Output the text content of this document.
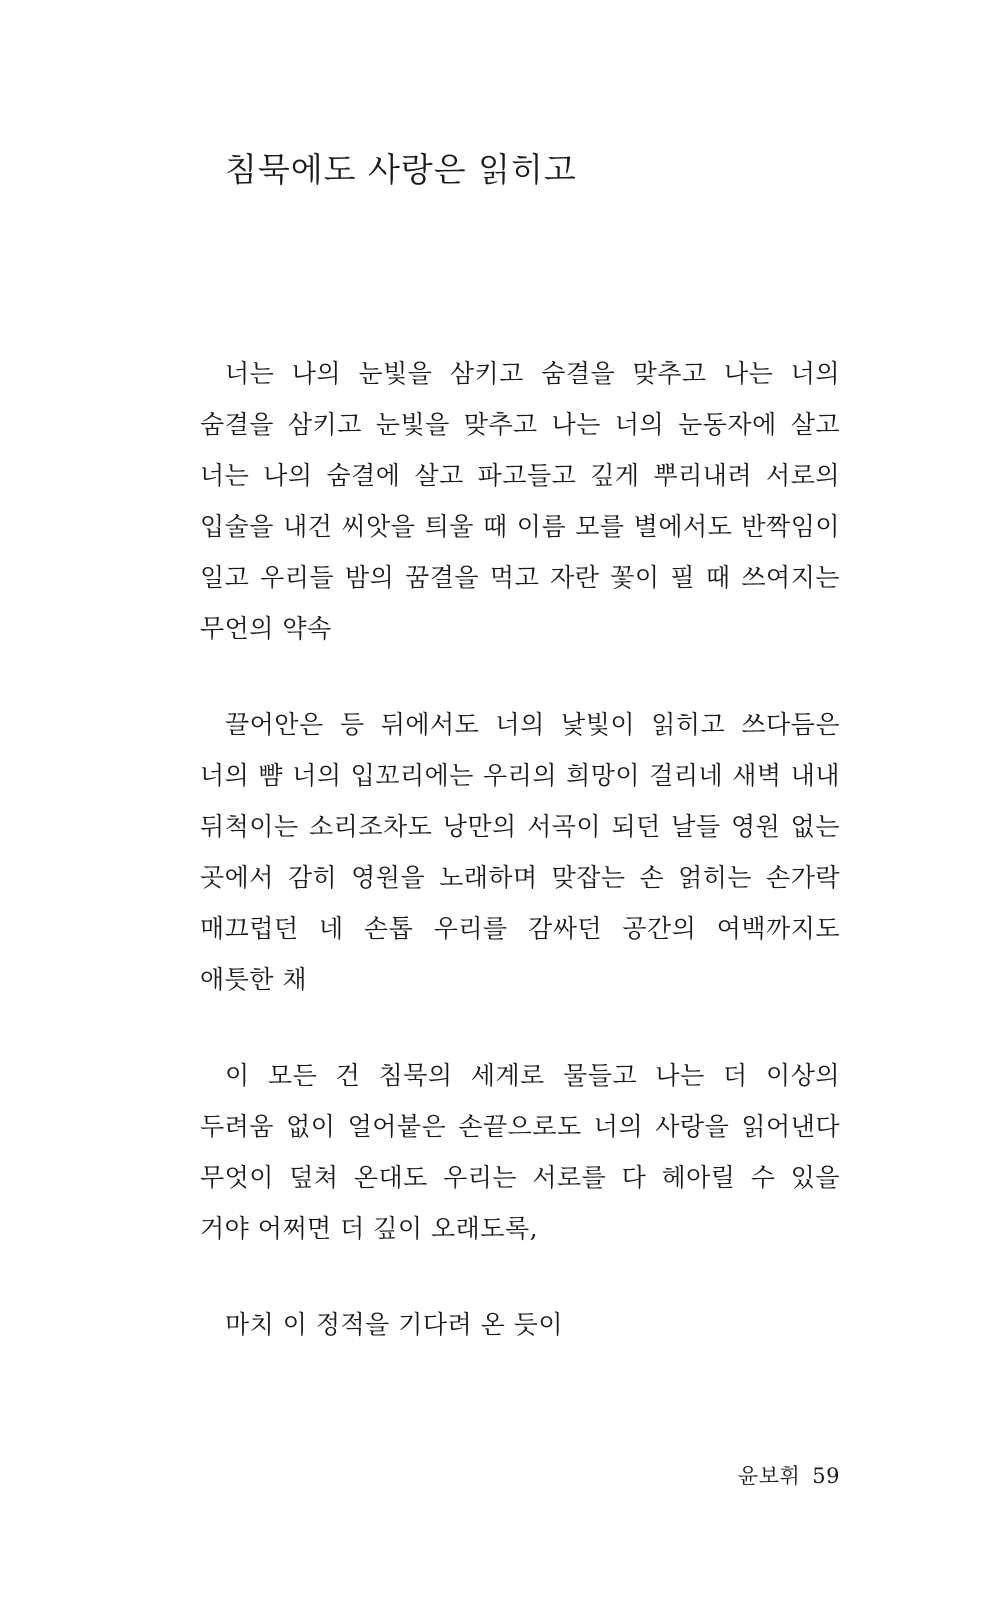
침묵에도 사랑은 읽히고

너는 나의 눈빛을 삼키고 숨결을 맞추고 나는 너의 숨결을 삼키고 눈빛을 맞추고 나는 너의 눈동자에 살고 너는 나의 숨결에 살고 파고들고 깊게 뿌리내려 서로의 입술을 내건 씨앗을 틔울 때 이름 모를 별에서도 반짝임이 일고 우리들 밤의 꿈결을 먹고 자란 꽃이 필 때 쓰여지는 무언의 약속

끌어안은 등 뒤에서도 너의 낯빛이 읽히고 쓰다듬은 너의 뺨 너의 입꼬리에는 우리의 희망이 걸리네 새벽 내내 뒤척이는 소리조차도 낭만의 서곡이 되던 날들 영원 없는 곳에서 감히 영원을 노래하며 맞잡는 손 얽히는 손가락 매끄럽던 네 손톱 우리를 감싸던 공간의 여백까지도 애틋한 채

이 모든 건 침묵의 세계로 물들고 나는 더 이상의 두려움 없이 얼어붙은 손끝으로도 너의 사랑을 읽어낸다 무엇이 덮쳐 온대도 우리는 서로를 다 헤아릴 수 있을 거야 어쩌면 더 깊이 오래도록,

마치 이 정적을 기다려 온 듯이

윤보휘 59
